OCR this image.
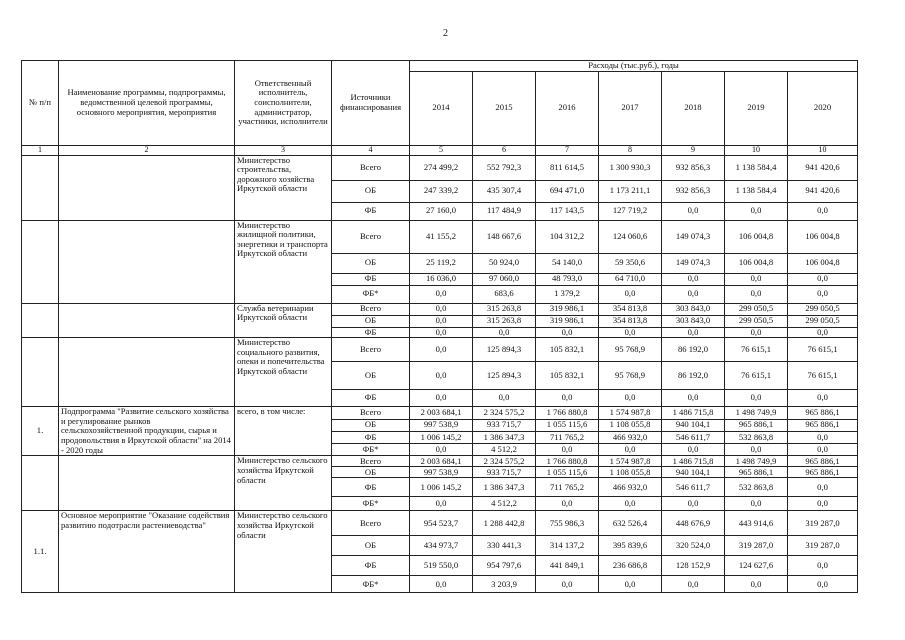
2
№ п/п	Наименование программы, подпрограммы, ведомственной целевой программы, основного мероприятия, мероприятия	Ответственный исполнитель, соисполнители, администратор, участники, исполнители	Источники финансирования	Расходы (тыс.руб.), годы						
				2014	2015	2016	2017	2018	2019	2020
1	2	3	4	5	6	7	8	9	10	10
		Министерство строительства, дорожного хозяйства Иркутской области	Всего	274 499,2	552 792,3	811 614,5	1 300 930,3	932 856,3	1 138 584,4	941 420,6
			ОБ	247 339,2	435 307,4	694 471,0	1 173 211,1	932 856,3	1 138 584,4	941 420,6
			ФБ	27 160,0	117 484,9	117 143,5	127 719,2	0,0	0,0	0,0
		Министерство жилищной политики, энергетики и транспорта Иркутской области	Всего	41 155,2	148 667,6	104 312,2	124 060,6	149 074,3	106 004,8	106 004,8
			ОБ	25 119,2	50 924,0	54 140,0	59 350,6	149 074,3	106 004,8	106 004,8
			ФБ	16 036,0	97 060,0	48 793,0	64 710,0	0,0	0,0	0,0
			ФБ*	0,0	683,6	1 379,2	0,0	0,0	0,0	0,0
		Служба ветеринарии Иркутской области	Всего	0,0	315 263,8	319 986,1	354 813,8	303 843,0	299 050,5	299 050,5
			ОБ	0,0	315 263,8	319 986,1	354 813,8	303 843,0	299 050,5	299 050,5
			ФБ	0,0	0,0	0,0	0,0	0,0	0,0	0,0
		Министерство социального развития, опеки и попечительства Иркутской области	Всего	0,0	125 894,3	105 832,1	95 768,9	86 192,0	76 615,1	76 615,1
			ОБ	0,0	125 894,3	105 832,1	95 768,9	86 192,0	76 615,1	76 615,1
			ФБ	0,0	0,0	0,0	0,0	0,0	0,0	0,0
1.	Подпрограмма "Развитие сельского хозяйства и регулирование рынков сельскохозяйственной продукции, сырья и продовольствия в Иркутской области" на 2014 - 2020 годы	всего, в том числе:	Всего	2 003 684,1	2 324 575,2	1 766 880,8	1 574 987,8	1 486 715,8	1 498 749,9	965 886,1
			ОБ	997 538,9	933 715,7	1 055 115,6	1 108 055,8	940 104,1	965 886,1	965 886,1
			ФБ	1 006 145,2	1 386 347,3	711 765,2	466 932,0	546 611,7	532 863,8	0,0
			ФБ*	0,0	4 512,2	0,0	0,0	0,0	0,0	0,0
		Министерство сельского хозяйства Иркутской области	Всего	2 003 684,1	2 324 575,2	1 766 880,8	1 574 987,8	1 486 715,8	1 498 749,9	965 886,1
			ОБ	997 538,9	933 715,7	1 055 115,6	1 108 055,8	940 104,1	965 886,1	965 886,1
			ФБ	1 006 145,2	1 386 347,3	711 765,2	466 932,0	546 611,7	532 863,8	0,0
			ФБ*	0,0	4 512,2	0,0	0,0	0,0	0,0	0,0
1.1.	Основное мероприятие "Оказание содействия развитию подотрасли растениеводства"	Министерство сельского хозяйства Иркутской области	Всего	954 523,7	1 288 442,8	755 986,3	632 526,4	448 676,9	443 914,6	319 287,0
			ОБ	434 973,7	330 441,3	314 137,2	395 839,6	320 524,0	319 287,0	319 287,0
			ФБ	519 550,0	954 797,6	441 849,1	236 686,8	128 152,9	124 627,6	0,0
			ФБ*	0,0	3 203,9	0,0	0,0	0,0	0,0	0,0
